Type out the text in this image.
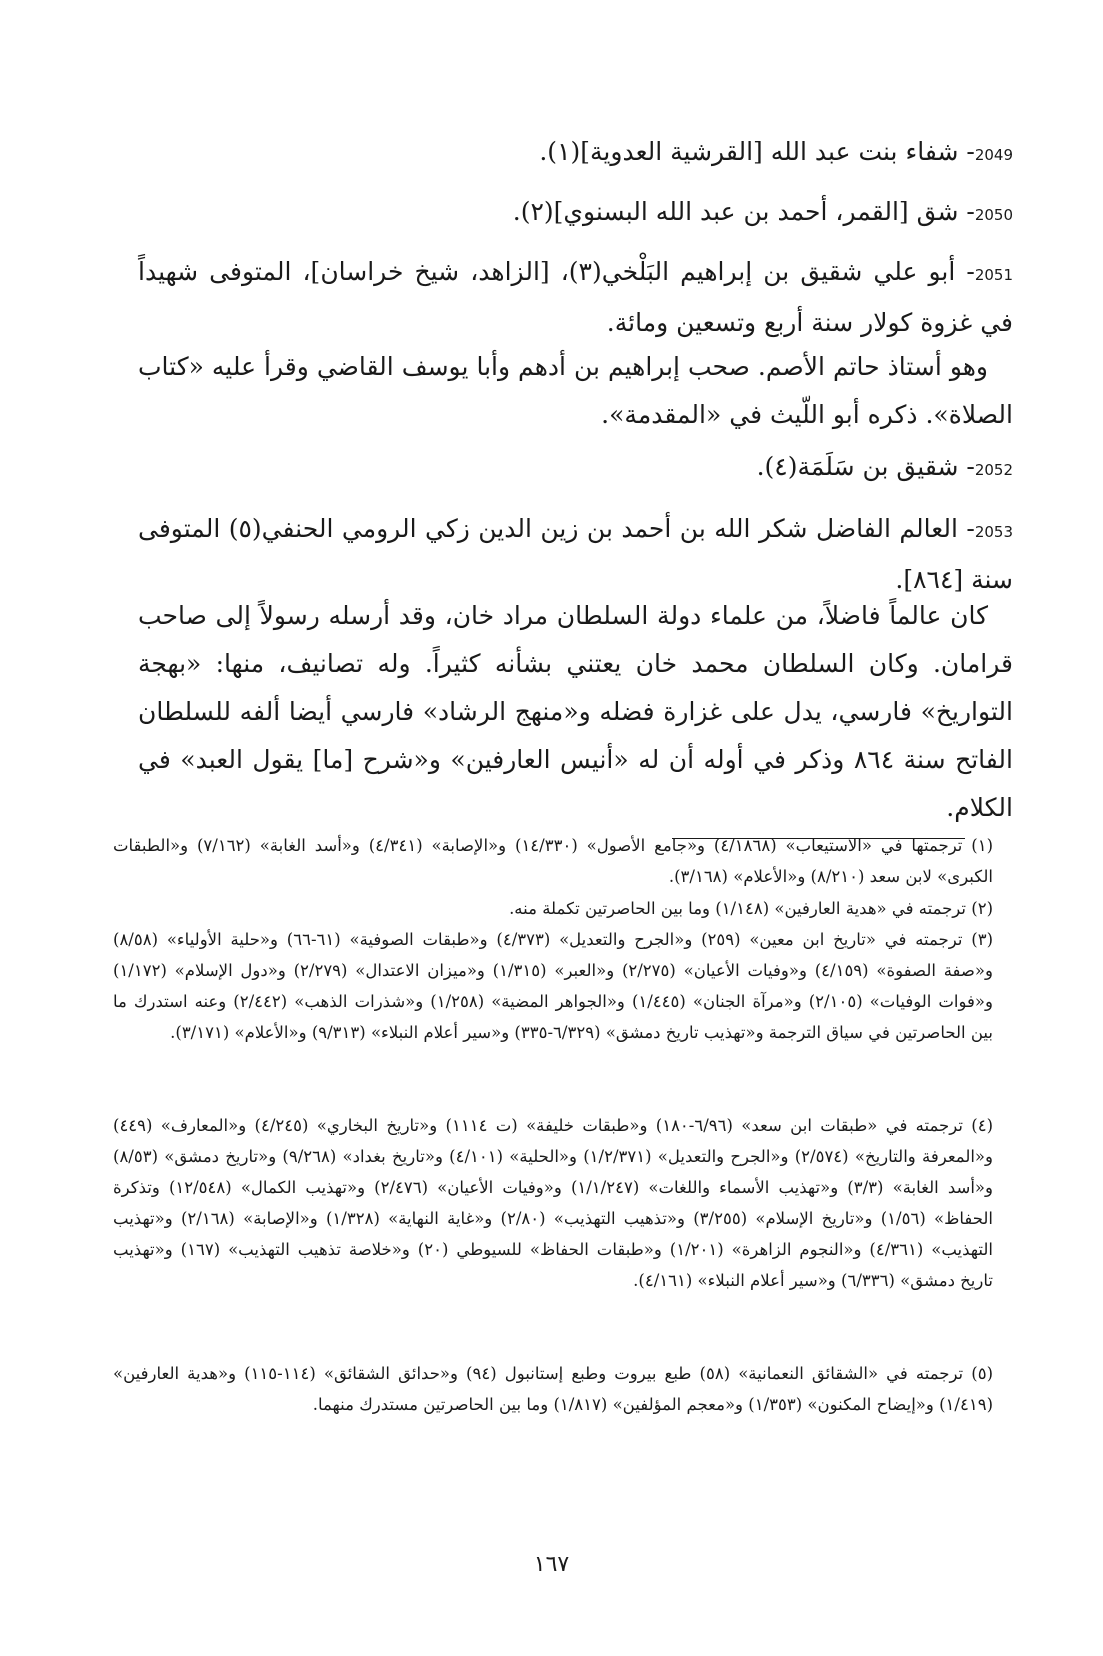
2049- شفاء بنت عبد الله [القرشية العدوية](١).
2050- شق [القمر، أحمد بن عبد الله البسنوي](٢).
2051- أبو علي شقيق بن إبراهيم البَلْخي(٣)، [الزاهد، شيخ خراسان]، المتوفى شهيداً في غزوة كولار سنة أربع وتسعين ومائة.
وهو أستاذ حاتم الأصم. صحب إبراهيم بن أدهم وأبا يوسف القاضي وقرأ عليه «كتاب الصلاة». ذكره أبو اللّيث في «المقدمة».
2052- شقيق بن سَلَمَة(٤).
2053- العالم الفاضل شكر الله بن أحمد بن زين الدين زكي الرومي الحنفي(٥) المتوفى سنة [٨٦٤].
كان عالماً فاضلاً، من علماء دولة السلطان مراد خان، وقد أرسله رسولاً إلى صاحب قرامان. وكان السلطان محمد خان يعتني بشأنه كثيراً. وله تصانيف، منها: «بهجة التواريخ» فارسي، يدل على غزارة فضله و«منهج الرشاد» فارسي أيضا ألفه للسلطان الفاتح سنة ٨٦٤ وذكر في أوله أن له «أنيس العارفين» و«شرح [ما] يقول العبد» في الكلام.
(١) ترجمتها في «الاستيعاب» (٤/١٨٦٨) و«جامع الأصول» (١٤/٣٣٠) و«الإصابة» (٤/٣٤١) و«أسد الغابة» (٧/١٦٢) و«الطبقات الكبرى» لابن سعد (٨/٢١٠) و«الأعلام» (٣/١٦٨).
(٢) ترجمته في «هدية العارفين» (١/١٤٨) وما بين الحاصرتين تكملة منه.
(٣) ترجمته في «تاريخ ابن معين» (٢٥٩) و«الجرح والتعديل» (٤/٣٧٣) و«طبقات الصوفية» (٦١-٦٦) و«حلية الأولياء» (٨/٥٨) و«صفة الصفوة» (٤/١٥٩) و«وفيات الأعيان» (٢/٢٧٥) و«العبر» (١/٣١٥) و«ميزان الاعتدال» (٢/٢٧٩) و«دول الإسلام» (١/١٧٢) و«فوات الوفيات» (٢/١٠٥) و«مرآة الجنان» (١/٤٤٥) و«الجواهر المضية» (١/٢٥٨) و«شذرات الذهب» (٢/٤٤٢) وعنه استدرك ما بين الحاصرتين في سياق الترجمة و«تهذيب تاريخ دمشق» (٦/٣٢٩-٣٣٥) و«سير أعلام النبلاء» (٩/٣١٣) و«الأعلام» (٣/١٧١).
(٤) ترجمته في «طبقات ابن سعد» (٦/٩٦-١٨٠) و«طبقات خليفة» (ت ١١١٤) و«تاريخ البخاري» (٤/٢٤٥) و«المعارف» (٤٤٩) و«المعرفة والتاريخ» (٢/٥٧٤) و«الجرح والتعديل» (١/٢/٣٧١) و«الحلية» (٤/١٠١) و«تاريخ بغداد» (٩/٢٦٨) و«تاريخ دمشق» (٨/٥٣) و«أسد الغابة» (٣/٣) و«تهذيب الأسماء واللغات» (١/١/٢٤٧) و«وفيات الأعيان» (٢/٤٧٦) و«تهذيب الكمال» (١٢/٥٤٨) وتذكرة الحفاظ» (١/٥٦) و«تاريخ الإسلام» (٣/٢٥٥) و«تذهيب التهذيب» (٢/٨٠) و«غاية النهاية» (١/٣٢٨) و«الإصابة» (٢/١٦٨) و«تهذيب التهذيب» (٤/٣٦١) و«النجوم الزاهرة» (١/٢٠١) و«طبقات الحفاظ» للسيوطي (٢٠) و«خلاصة تذهيب التهذيب» (١٦٧) و«تهذيب تاريخ دمشق» (٦/٣٣٦) و«سير أعلام النبلاء» (٤/١٦١).
(٥) ترجمته في «الشقائق النعمانية» (٥٨) طبع بيروت وطبع إستانبول (٩٤) و«حدائق الشقائق» (١١٤-١١٥) و«هدية العارفين» (١/٤١٩) و«إيضاح المكنون» (١/٣٥٣) و«معجم المؤلفين» (١/٨١٧) وما بين الحاصرتين مستدرك منهما.
١٦٧
